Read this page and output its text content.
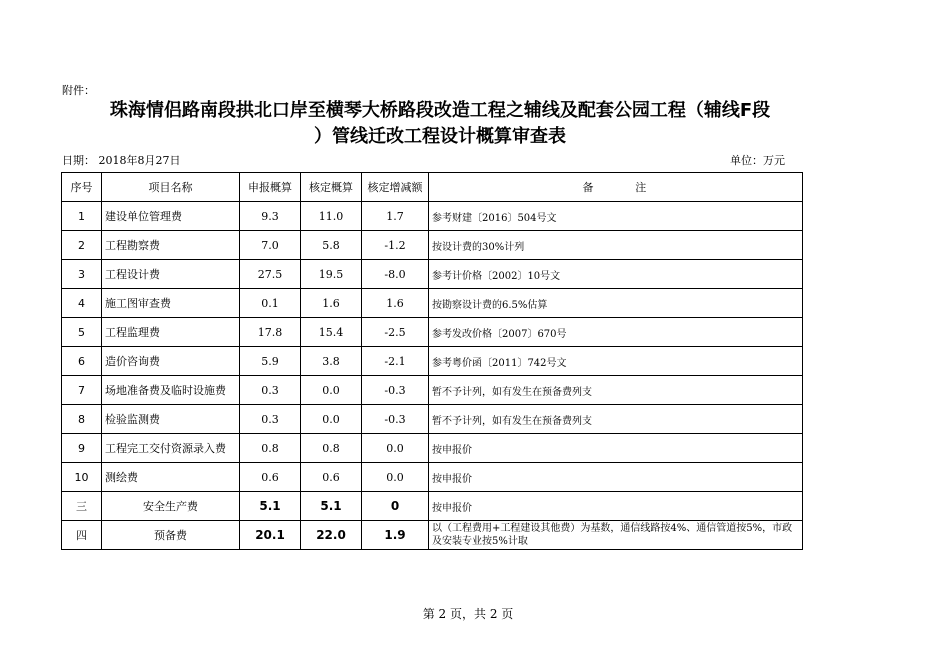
附件：
珠海情侣路南段拱北口岸至横琴大桥路段改造工程之辅线及配套公园工程（辅线F段
）管线迁改工程设计概算审查表
日期： 2018年8月27日	单位：万元
序号	项目名称	申报概算	核定概算	核定增减额	备　　　注
1	建设单位管理费	9.3	11.0	1.7	参考财建〔2016〕504号文
2	工程勘察费	7.0	5.8	-1.2	按设计费的30%计列
3	工程设计费	27.5	19.5	-8.0	参考计价格〔2002〕10号文
4	施工图审查费	0.1	1.6	1.6	按勘察设计费的6.5%估算
5	工程监理费	17.8	15.4	-2.5	参考发改价格〔2007〕670号
6	造价咨询费	5.9	3.8	-2.1	参考粤价函〔2011〕742号文
7	场地准备费及临时设施费	0.3	0.0	-0.3	暂不予计列，如有发生在预备费列支
8	检验监测费	0.3	0.0	-0.3	暂不予计列，如有发生在预备费列支
9	工程完工交付资源录入费	0.8	0.8	0.0	按申报价
10	测绘费	0.6	0.6	0.0	按申报价
三	安全生产费	5.1	5.1	0	按申报价
四	预备费	20.1	22.0	1.9	以（工程费用+工程建设其他费）为基数，通信线路按4%、通信管道按5%，市政及安装专业按5%计取
第 2 页，共 2 页
